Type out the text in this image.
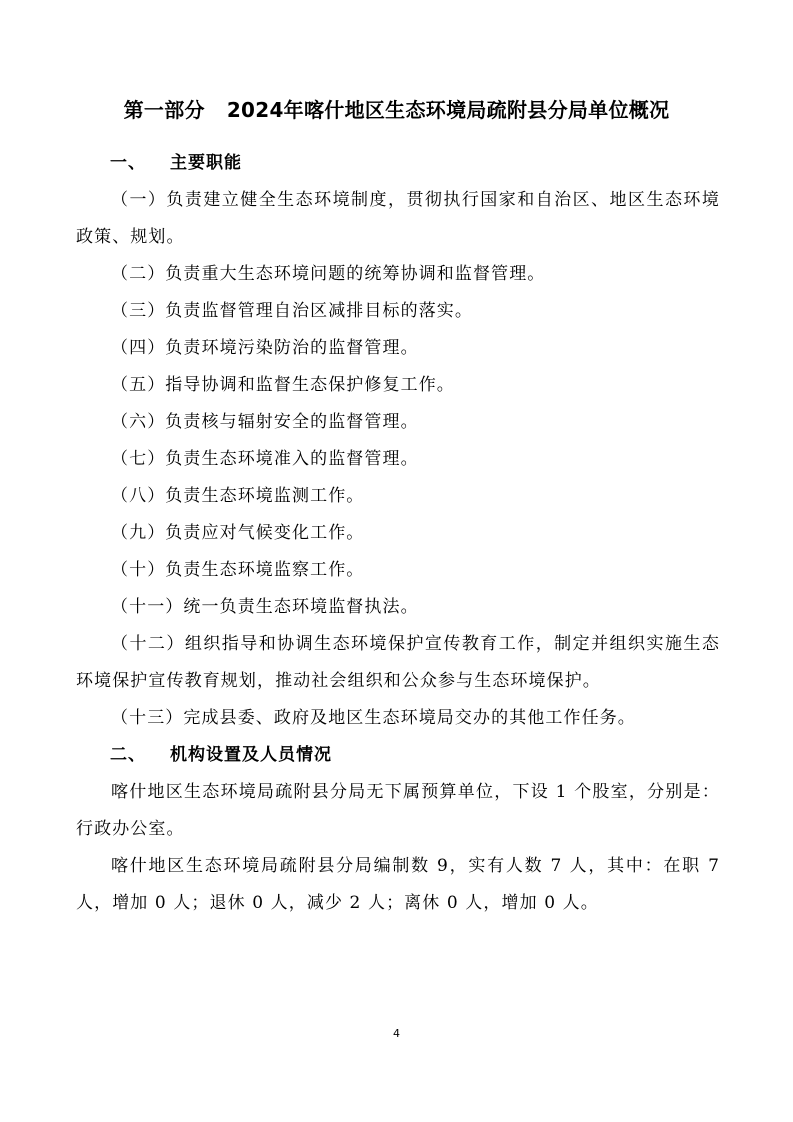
第一部分 2024年喀什地区生态环境局疏附县分局单位概况
一、 主要职能
（一）负责建立健全生态环境制度，贯彻执行国家和自治区、地区生态环境政策、规划。
（二）负责重大生态环境问题的统筹协调和监督管理。
（三）负责监督管理自治区减排目标的落实。
（四）负责环境污染防治的监督管理。
（五）指导协调和监督生态保护修复工作。
（六）负责核与辐射安全的监督管理。
（七）负责生态环境准入的监督管理。
（八）负责生态环境监测工作。
（九）负责应对气候变化工作。
（十）负责生态环境监察工作。
（十一）统一负责生态环境监督执法。
（十二）组织指导和协调生态环境保护宣传教育工作，制定并组织实施生态环境保护宣传教育规划，推动社会组织和公众参与生态环境保护。
（十三）完成县委、政府及地区生态环境局交办的其他工作任务。
二、 机构设置及人员情况
喀什地区生态环境局疏附县分局无下属预算单位，下设 1 个股室，分别是：行政办公室。
喀什地区生态环境局疏附县分局编制数 9，实有人数 7 人，其中：在职 7 人，增加 0 人；退休 0 人，减少 2 人；离休 0 人，增加 0 人。
4
